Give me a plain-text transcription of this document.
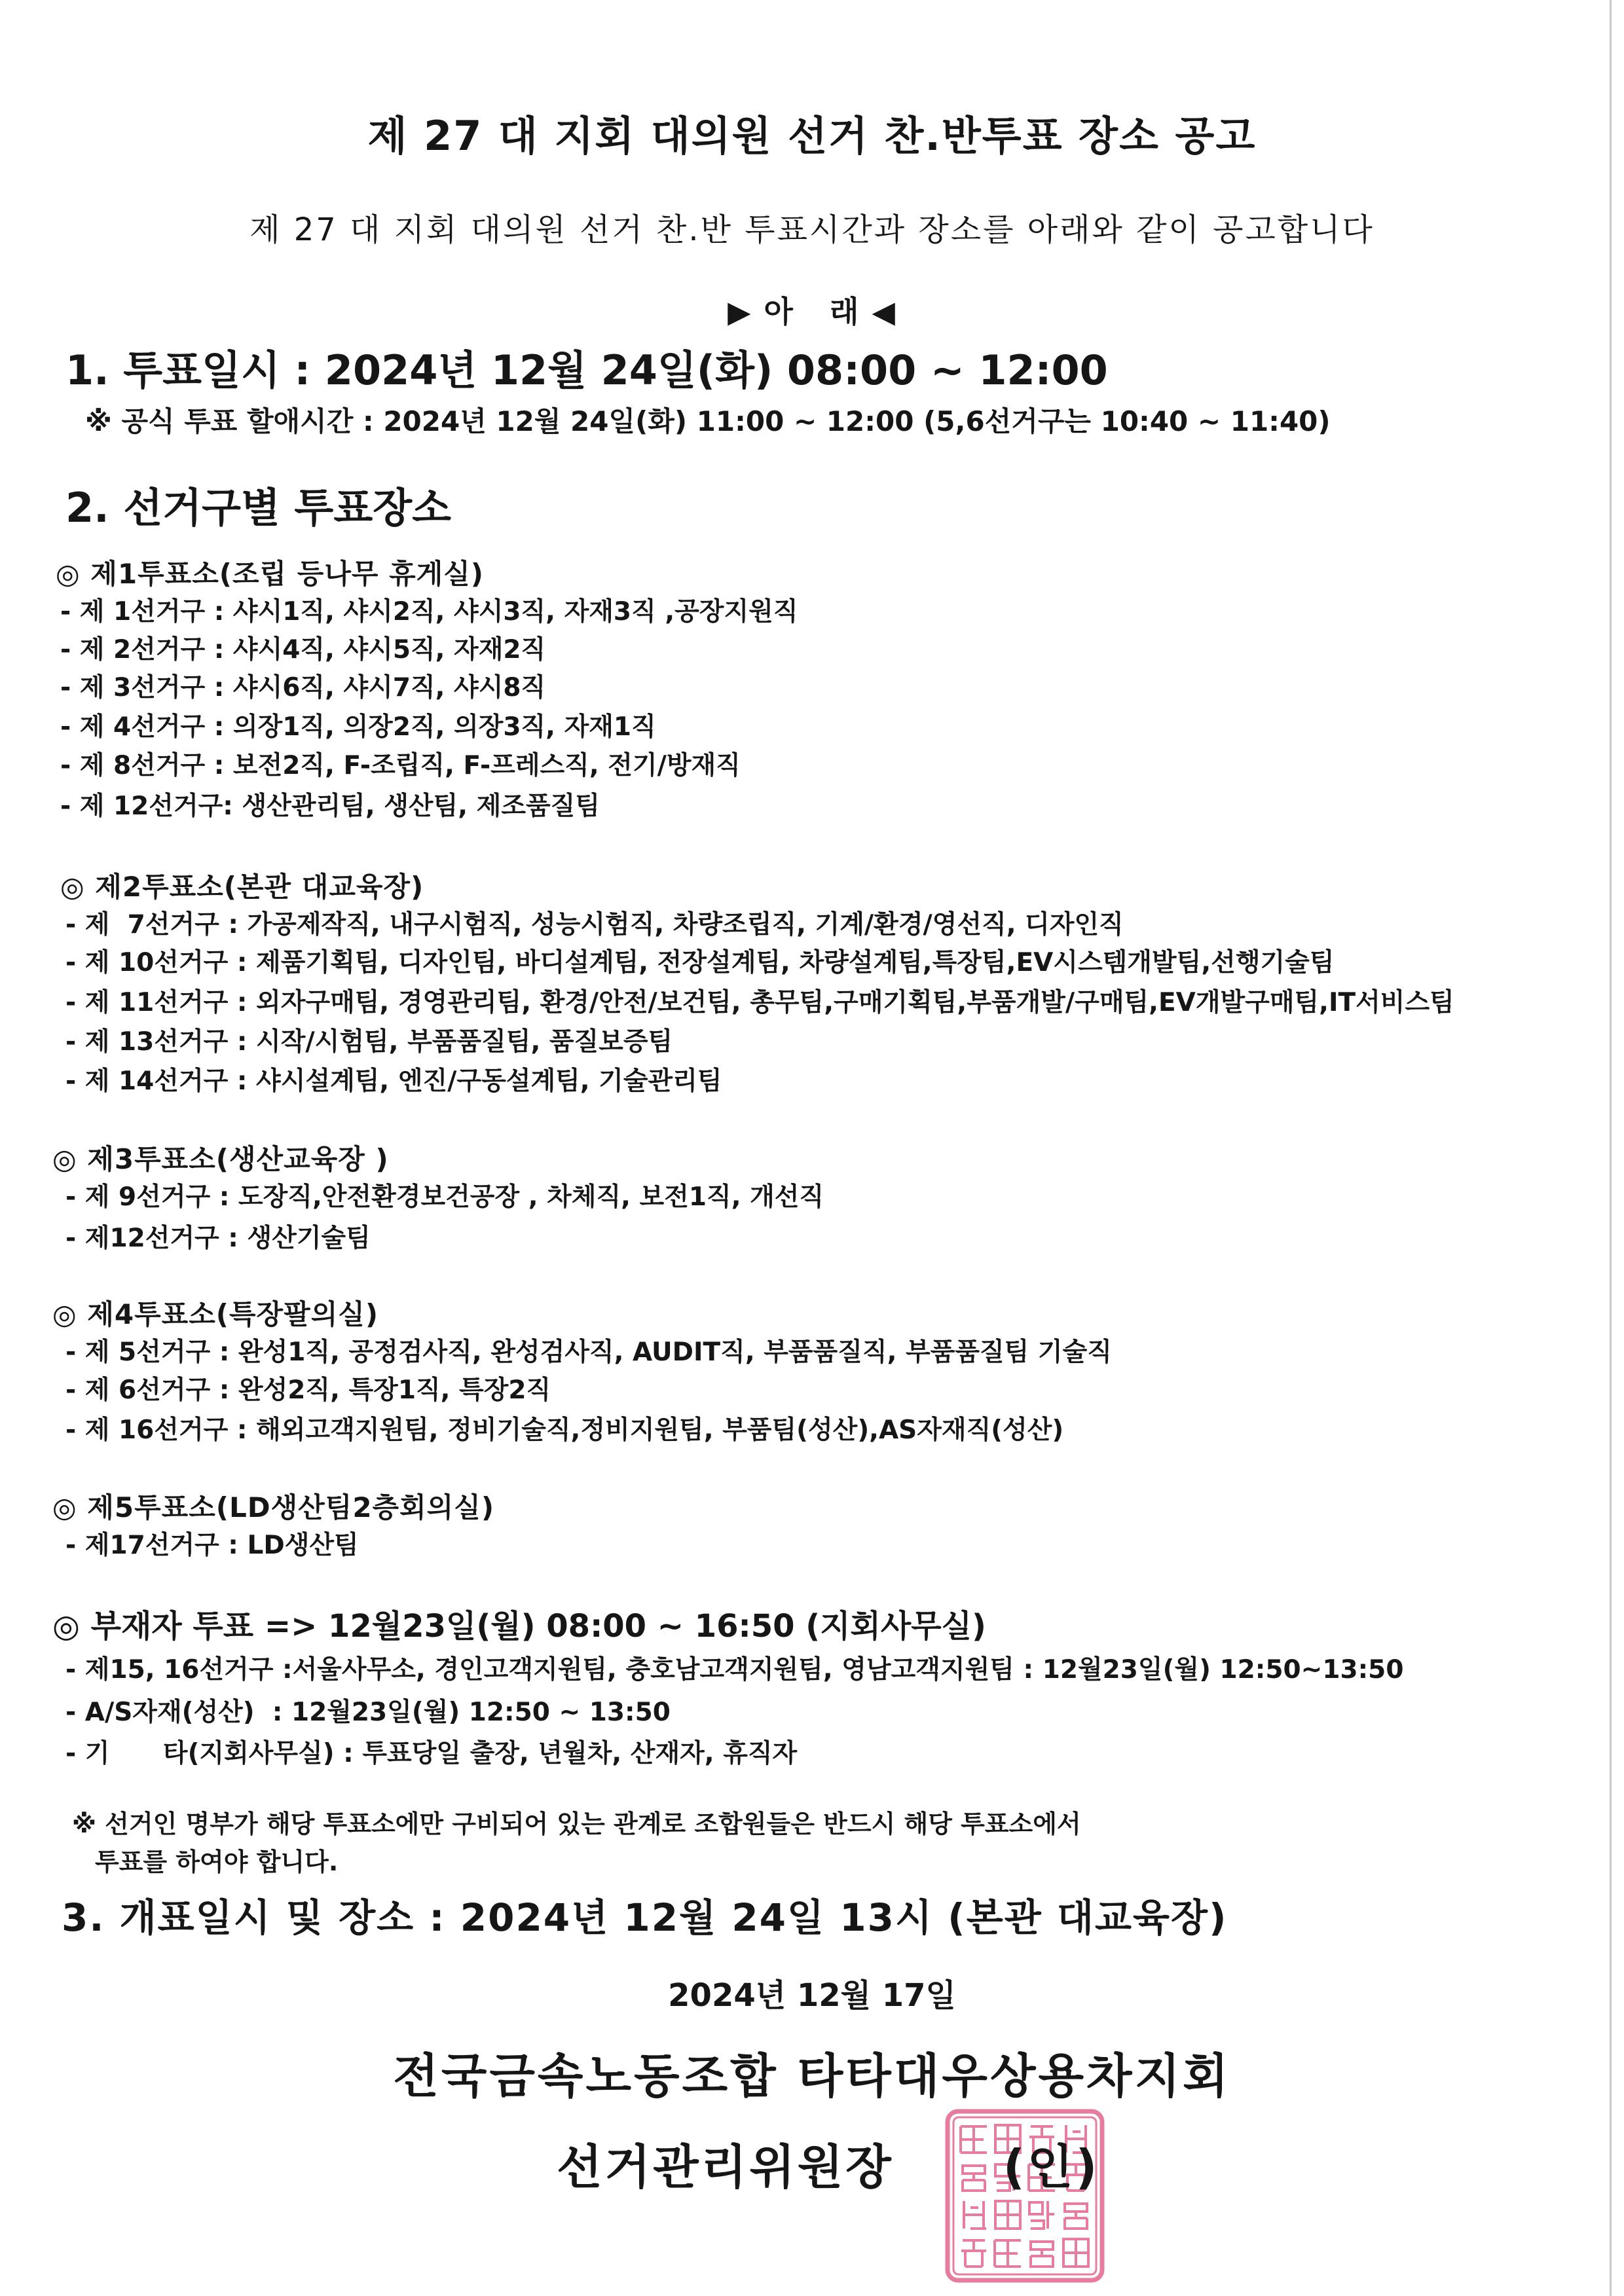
제 27 대 지회 대의원 선거 찬.반투표 장소 공고
제 27 대 지회 대의원 선거 찬.반 투표시간과 장소를 아래와 같이 공고합니다
▶ 아   래 ◀
1. 투표일시 : 2024년 12월 24일(화) 08:00 ~ 12:00
※ 공식 투표 할애시간 : 2024년 12월 24일(화) 11:00 ~ 12:00 (5,6선거구는 10:40 ~ 11:40)
2. 선거구별 투표장소
◎ 제1투표소(조립 등나무 휴게실)
- 제 1선거구 : 샤시1직, 샤시2직, 샤시3직, 자재3직 ,공장지원직
- 제 2선거구 : 샤시4직, 샤시5직, 자재2직
- 제 3선거구 : 샤시6직, 샤시7직, 샤시8직
- 제 4선거구 : 의장1직, 의장2직, 의장3직, 자재1직
- 제 8선거구 : 보전2직, F-조립직, F-프레스직, 전기/방재직
- 제 12선거구: 생산관리팀, 생산팀, 제조품질팀
◎ 제2투표소(본관 대교육장)
- 제  7선거구 : 가공제작직, 내구시험직, 성능시험직, 차량조립직, 기계/환경/영선직, 디자인직
- 제 10선거구 : 제품기획팀, 디자인팀, 바디설계팀, 전장설계팀, 차량설계팀,특장팀,EV시스템개발팀,선행기술팀
- 제 11선거구 : 외자구매팀, 경영관리팀, 환경/안전/보건팀, 총무팀,구매기획팀,부품개발/구매팀,EV개발구매팀,IT서비스팀
- 제 13선거구 : 시작/시험팀, 부품품질팀, 품질보증팀
- 제 14선거구 : 샤시설계팀, 엔진/구동설계팀, 기술관리팀
◎ 제3투표소(생산교육장 )
- 제 9선거구 : 도장직,안전환경보건공장 , 차체직, 보전1직, 개선직
- 제12선거구 : 생산기술팀
◎ 제4투표소(특장팔의실)
- 제 5선거구 : 완성1직, 공정검사직, 완성검사직, AUDIT직, 부품품질직, 부품품질팀 기술직
- 제 6선거구 : 완성2직, 특장1직, 특장2직
- 제 16선거구 : 해외고객지원팀, 정비기술직,정비지원팀, 부품팀(성산),AS자재직(성산)
◎ 제5투표소(LD생산팀2층회의실)
- 제17선거구 : LD생산팀
◎ 부재자 투표 => 12월23일(월) 08:00 ~ 16:50 (지회사무실)
- 제15, 16선거구 :서울사무소, 경인고객지원팀, 충호남고객지원팀, 영남고객지원팀 : 12월23일(월) 12:50~13:50
- A/S자재(성산)  : 12월23일(월) 12:50 ~ 13:50
- 기      타(지회사무실) : 투표당일 출장, 년월차, 산재자, 휴직자
※ 선거인 명부가 해당 투표소에만 구비되어 있는 관계로 조합원들은 반드시 해당 투표소에서
투표를 하여야 합니다.
3. 개표일시 및 장소 : 2024년 12월 24일 13시 (본관 대교육장)
2024년 12월 17일
전국금속노동조합 타타대우상용차지회
선거관리위원장 (인)
